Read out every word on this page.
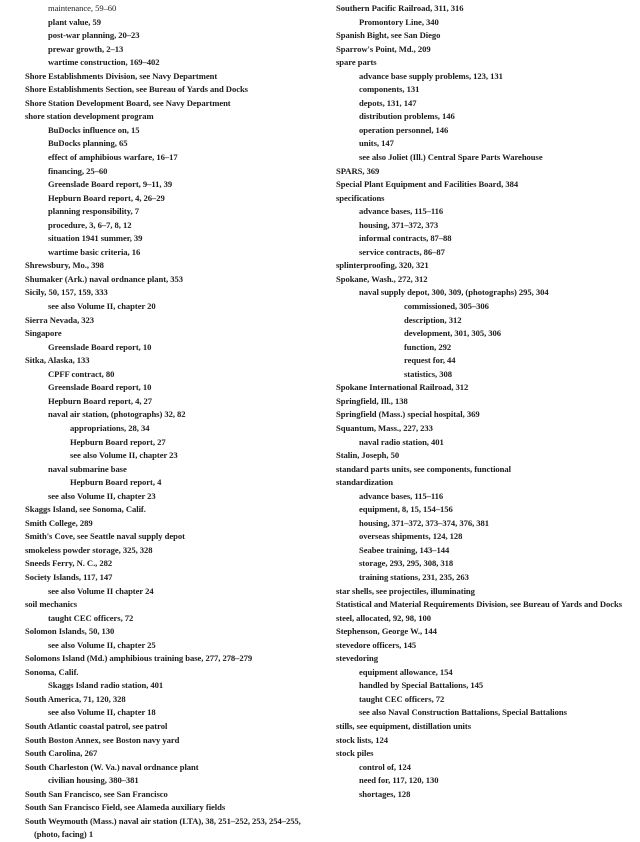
maintenance, 59–60
plant value, 59
post-war planning, 20–23
prewar growth, 2–13
wartime construction, 169–402
Shore Establishments Division, see Navy Department
Shore Establishments Section, see Bureau of Yards and Docks
Shore Station Development Board, see Navy Department
shore station development program
BuDocks influence on, 15
BuDocks planning, 65
effect of amphibious warfare, 16–17
financing, 25–60
Greenslade Board report, 9–11, 39
Hepburn Board report, 4, 26–29
planning responsibility, 7
procedure, 3, 6–7, 8, 12
situation 1941 summer, 39
wartime basic criteria, 16
Shrewsbury, Mo., 398
Shumaker (Ark.) naval ordnance plant, 353
Sicily, 50, 157, 159, 333
see also Volume II, chapter 20
Sierra Nevada, 323
Singapore
Greenslade Board report, 10
Sitka, Alaska, 133
CPFF contract, 80
Greenslade Board report, 10
Hepburn Board report, 4, 27
naval air station, (photographs) 32, 82
appropriations, 28, 34
Hepburn Board report, 27
see also Volume II, chapter 23
naval submarine base
Hepburn Board report, 4
see also Volume II, chapter 23
Skaggs Island, see Sonoma, Calif.
Smith College, 289
Smith's Cove, see Seattle naval supply depot
smokeless powder storage, 325, 328
Sneeds Ferry, N. C., 282
Society Islands, 117, 147
see also Volume II chapter 24
soil mechanics
taught CEC officers, 72
Solomon Islands, 50, 130
see also Volume II, chapter 25
Solomons Island (Md.) amphibious training base, 277, 278–279
Sonoma, Calif.
Skaggs Island radio station, 401
South America, 71, 120, 328
see also Volume II, chapter 18
South Atlantic coastal patrol, see patrol
South Boston Annex, see Boston navy yard
South Carolina, 267
South Charleston (W. Va.) naval ordnance plant
civilian housing, 380–381
South San Francisco, see San Francisco
South San Francisco Field, see Alameda auxiliary fields
South Weymouth (Mass.) naval air station (LTA), 38, 251–252, 253, 254–255, (photo, facing) 1
Southern Pacific Railroad, 311, 316
Promontory Line, 340
Spanish Bight, see San Diego
Sparrow's Point, Md., 209
spare parts
advance base supply problems, 123, 131
components, 131
depots, 131, 147
distribution problems, 146
operation personnel, 146
units, 147
see also Joliet (Ill.) Central Spare Parts Warehouse
SPARS, 369
Special Plant Equipment and Facilities Board, 384
specifications
advance bases, 115–116
housing, 371–372, 373
informal contracts, 87–88
service contracts, 86–87
splinterproofing, 320, 321
Spokane, Wash., 272, 312
naval supply depot, 300, 309, (photographs) 295, 304
commissioned, 305–306
description, 312
development, 301, 305, 306
function, 292
request for, 44
statistics, 308
Spokane International Railroad, 312
Springfield, Ill., 138
Springfield (Mass.) special hospital, 369
Squantum, Mass., 227, 233
naval radio station, 401
Stalin, Joseph, 50
standard parts units, see components, functional
standardization
advance bases, 115–116
equipment, 8, 15, 154–156
housing, 371–372, 373–374, 376, 381
overseas shipments, 124, 128
Seabee training, 143–144
storage, 293, 295, 308, 318
training stations, 231, 235, 263
star shells, see projectiles, illuminating
Statistical and Material Requirements Division, see Bureau of Yards and Docks
steel, allocated, 92, 98, 100
Stephenson, George W., 144
stevedore officers, 145
stevedoring
equipment allowance, 154
handled by Special Battalions, 145
taught CEC officers, 72
see also Naval Construction Battalions, Special Battalions
stills, see equipment, distillation units
stock lists, 124
stock piles
control of, 124
need for, 117, 120, 130
shortages, 128
